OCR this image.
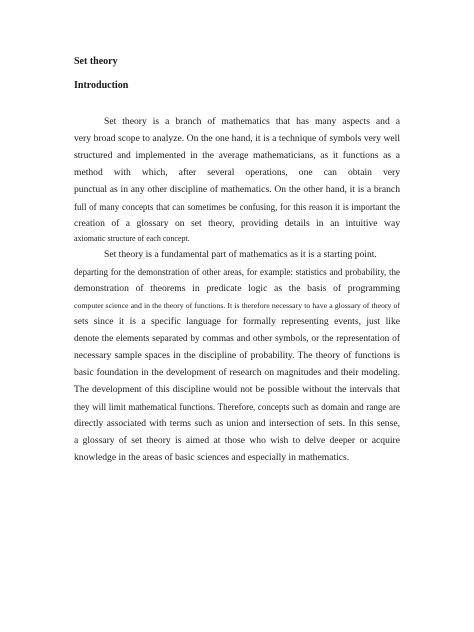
Set theory
Introduction
Set theory is a branch of mathematics that has many aspects and a
very broad scope to analyze. On the one hand, it is a technique of symbols very well
structured and implemented in the average mathematicians, as it functions as a
method with which, after several operations, one can obtain very
punctual as in any other discipline of mathematics. On the other hand, it is a branch
full of many concepts that can sometimes be confusing, for this reason it is important the
creation of a glossary on set theory, providing details in an intuitive way
axiomatic structure of each concept.
Set theory is a fundamental part of mathematics as it is a starting point.
departing for the demonstration of other areas, for example: statistics and probability, the
demonstration of theorems in predicate logic as the basis of programming
computer science and in the theory of functions. It is therefore necessary to have a glossary of theory of
sets since it is a specific language for formally representing events, just like
denote the elements separated by commas and other symbols, or the representation of
necessary sample spaces in the discipline of probability. The theory of functions is
basic foundation in the development of research on magnitudes and their modeling.
The development of this discipline would not be possible without the intervals that
they will limit mathematical functions. Therefore, concepts such as domain and range are
directly associated with terms such as union and intersection of sets. In this sense,
a glossary of set theory is aimed at those who wish to delve deeper or acquire
knowledge in the areas of basic sciences and especially in mathematics.
